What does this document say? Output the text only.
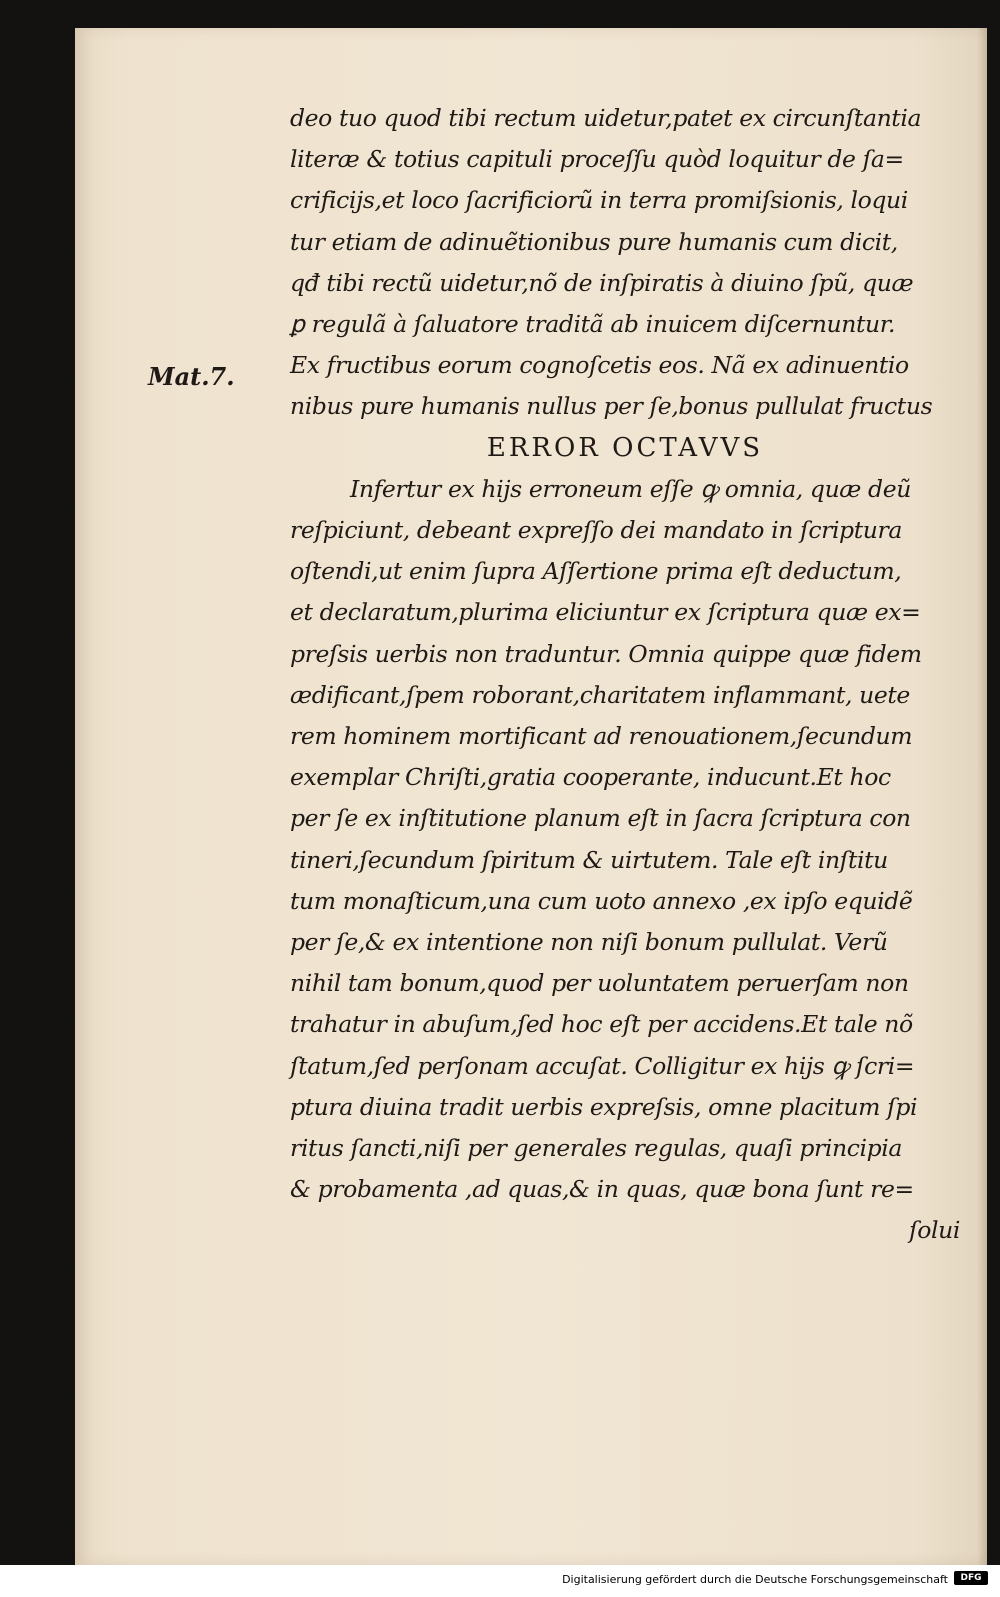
Mat.7.
deo tuo quod tibi rectum uidetur,patet ex circunſtantia
literæ & totius capituli proceſſu quòd loquitur de ſa=
crificijs,et loco ſacrificiorũ in terra promiſsionis, loqui
tur etiam de adinuẽtionibus pure humanis cum dicit,
qđ tibi rectũ uidetur,nõ de inſpiratis à diuino ſpũ, quæ
ꝑ regulã à ſaluatore traditã ab inuicem diſcernuntur.
Ex fructibus eorum cognoſcetis eos. Nã ex adinuentio
nibus pure humanis nullus per ſe,bonus pullulat fructus
ERROR OCTAVVS
Infertur ex hijs erroneum eſſe ꝙ omnia, quæ deũ
reſpiciunt, debeant expreſſo dei mandato in ſcriptura
oſtendi,ut enim ſupra Aſſertione prima eſt deductum,
et declaratum,plurima eliciuntur ex ſcriptura quæ ex=
preſsis uerbis non traduntur. Omnia quippe quæ fidem
ædificant,ſpem roborant,charitatem inflammant, uete
rem hominem mortificant ad renouationem,ſecundum
exemplar Chriſti,gratia cooperante, inducunt.Et hoc
per ſe ex inſtitutione planum eſt in ſacra ſcriptura con
tineri,ſecundum ſpiritum & uirtutem. Tale eſt inſtitu
tum monaſticum,una cum uoto annexo ,ex ipſo equidẽ
per ſe,& ex intentione non niſi bonum pullulat. Verũ
nihil tam bonum,quod per uoluntatem peruerſam non
trahatur in abuſum,ſed hoc eſt per accidens.Et tale nõ
ſtatum,ſed perſonam accuſat. Colligitur ex hijs ꝙ ſcri=
ptura diuina tradit uerbis expreſsis, omne placitum ſpi
ritus ſancti,niſi per generales regulas, quaſi principia
& probamenta ,ad quas,& in quas, quæ bona ſunt re=
ſolui
Digitalisierung gefördert durch die Deutsche Forschungsgemeinschaft	DFG
